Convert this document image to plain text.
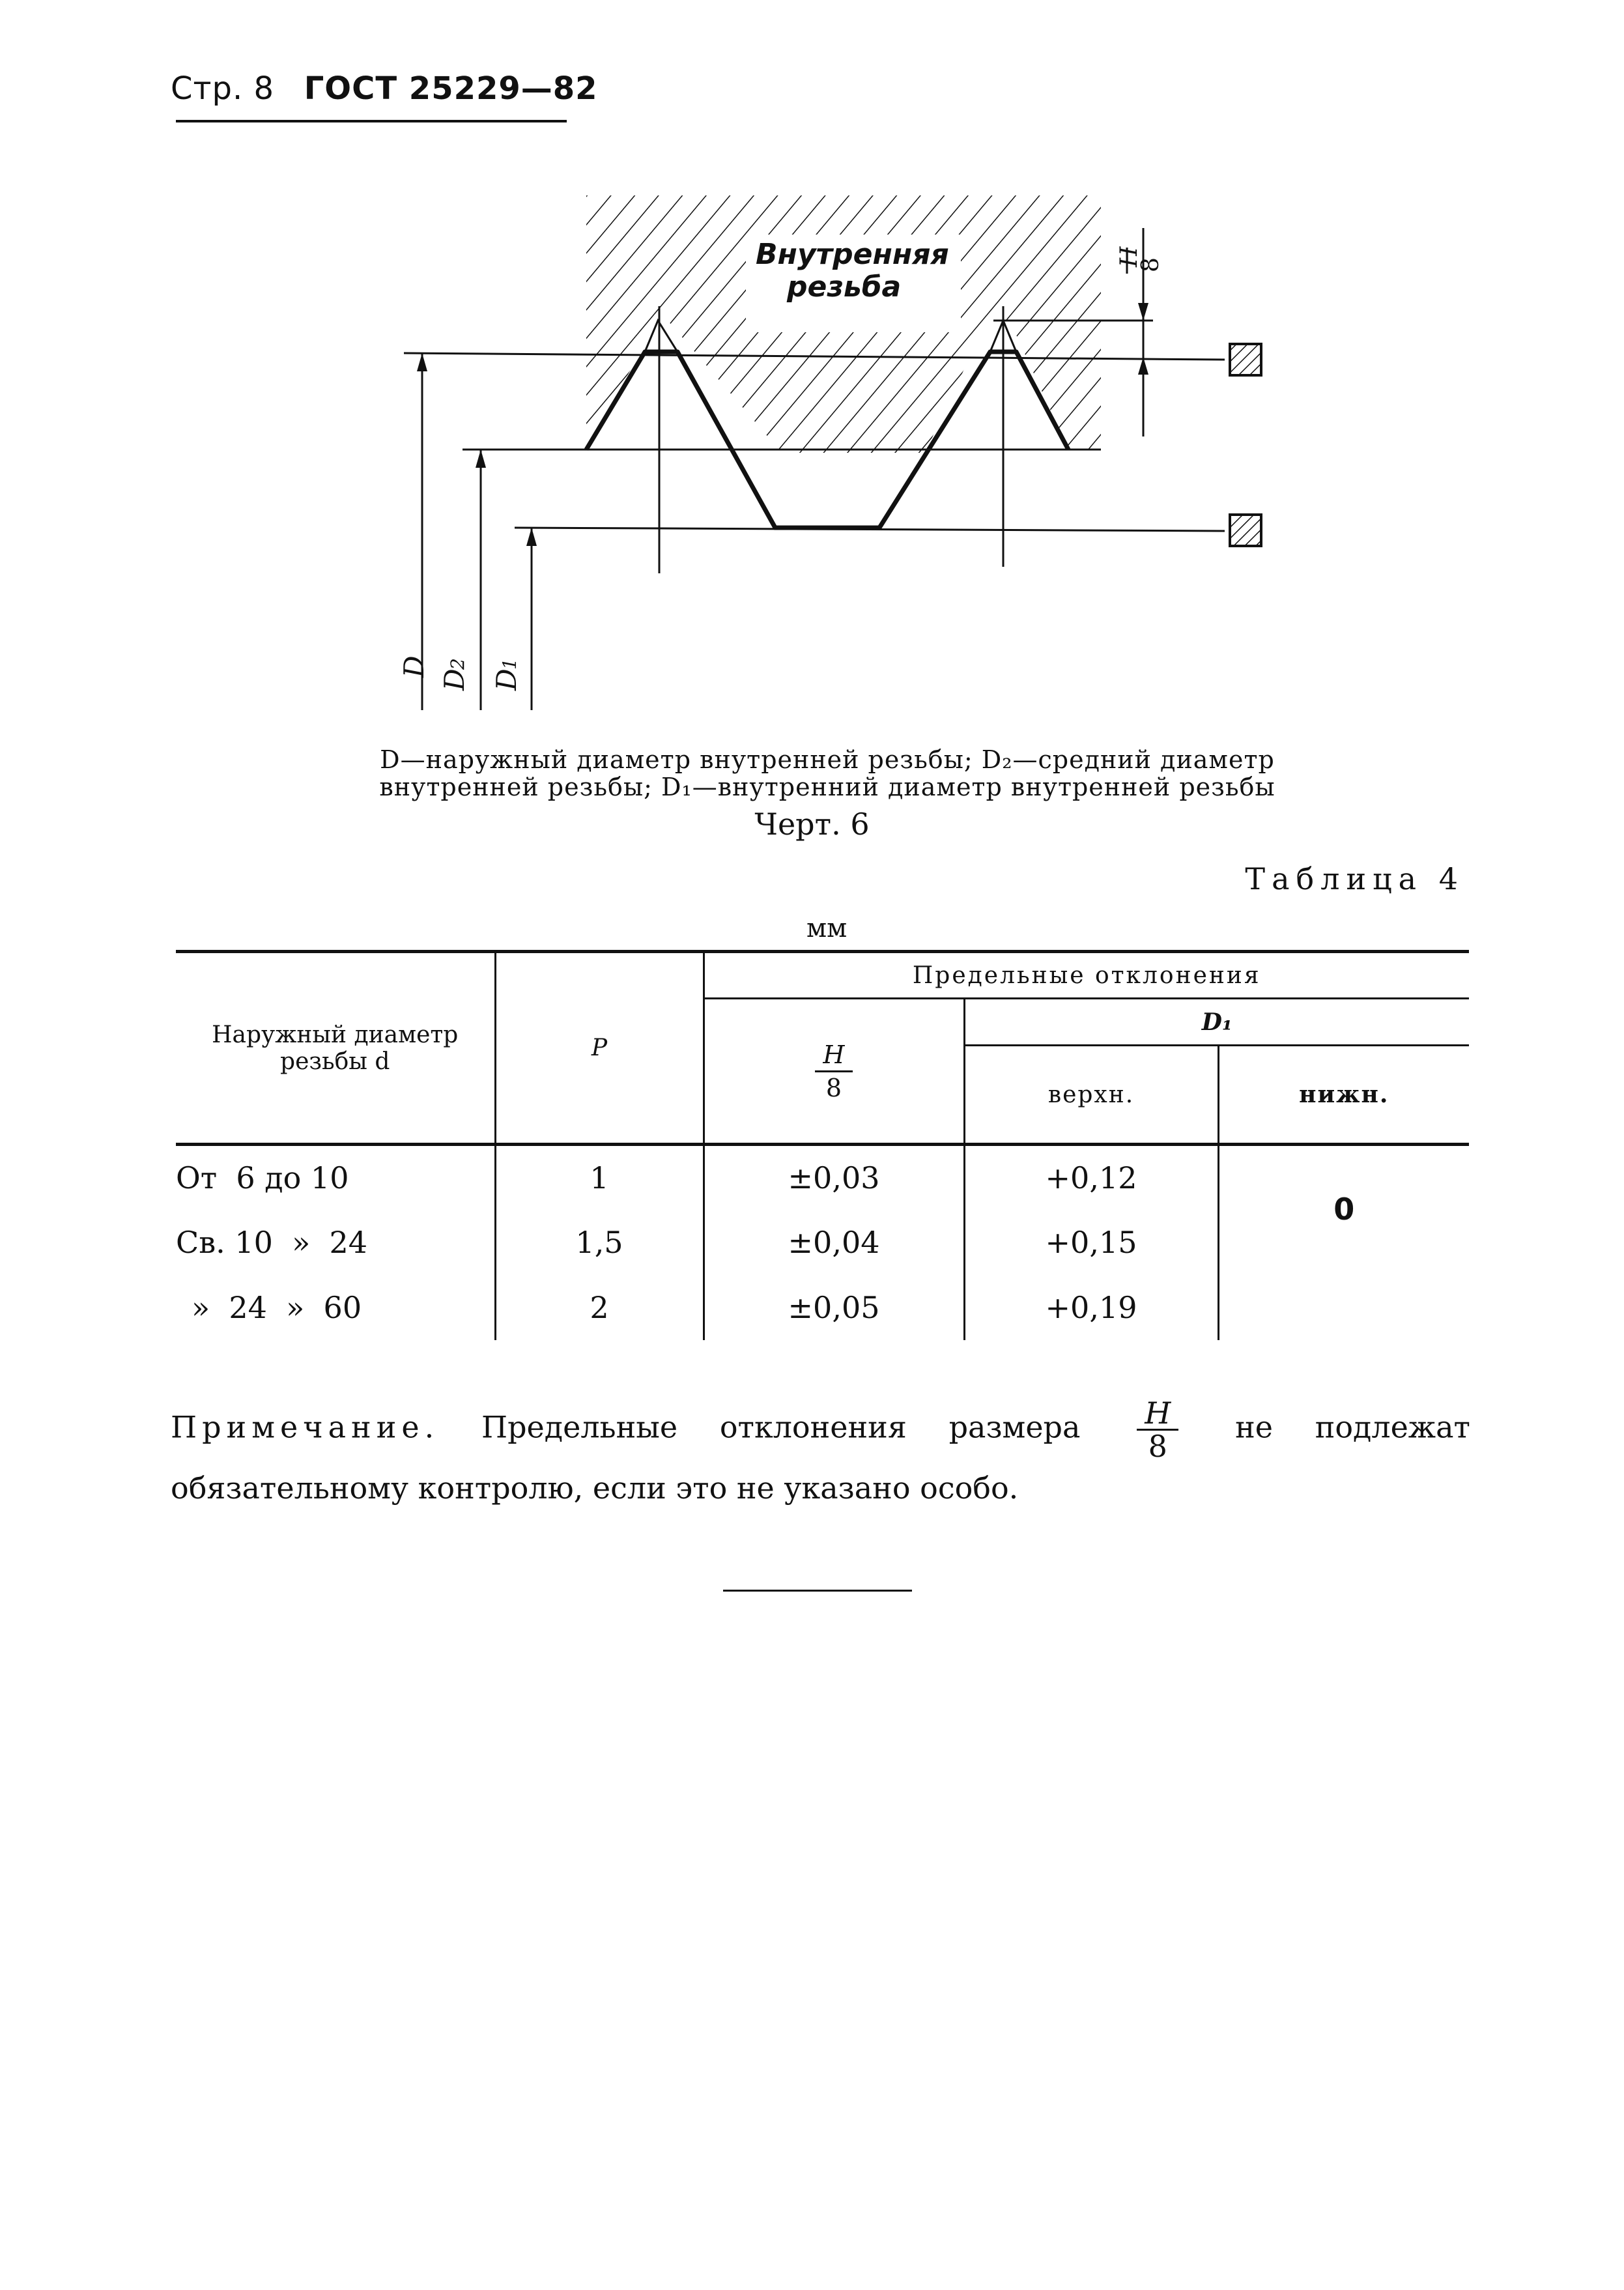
Стр. 8 ГОСТ 25229—82
Внутренняя
резьба
D
D
2
D
1
H
8
D—наружный диаметр внутренней резьбы; D₂—средний диаметр
внутренней резьбы; D₁—внутренний диаметр внутренней резьбы
Черт. 6
Таблица 4
мм
Наружный диаметр резьбы d	P	Предельные отклонения		

		$\frac{H}{8}$	D₁	
			верхн.	нижн.
От  6 до 10	1	±0,03	+0,12	0
Св. 10  »  24	1,5	±0,04	+0,15	
»  24  »  60	2	±0,05	+0,19	
Примечание. Предельные отклонения размера $\frac{H}{8}$ не подлежат обязательному контролю, если это не указано особо.
